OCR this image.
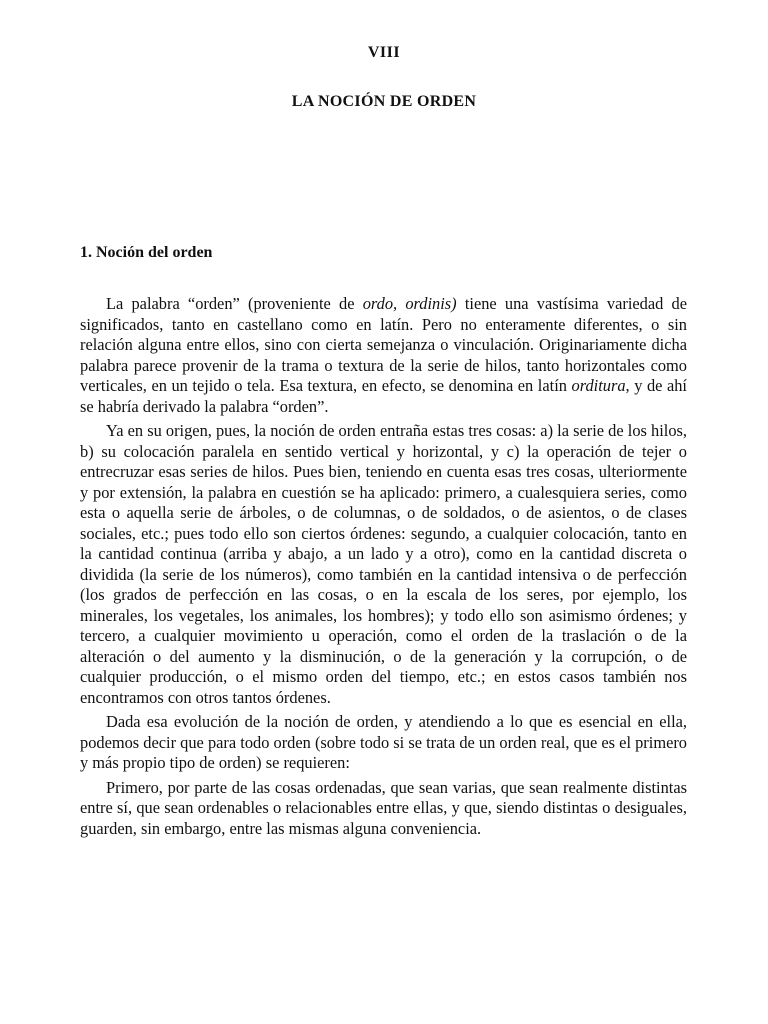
VIII
LA NOCIÓN DE ORDEN
1. Noción del orden

La palabra “orden” (proveniente de ordo, ordinis) tiene una vastísima variedad de significados, tanto en castellano como en latín. Pero no enteramente diferentes, o sin relación alguna entre ellos, sino con cierta semejanza o vinculación. Originariamente dicha palabra parece provenir de la trama o textura de la serie de hilos, tanto horizontales como verticales, en un tejido o tela. Esa textura, en efecto, se denomina en latín orditura, y de ahí se habría derivado la palabra “orden”.

Ya en su origen, pues, la noción de orden entraña estas tres cosas: a) la serie de los hilos, b) su colocación paralela en sentido vertical y horizontal, y c) la operación de tejer o entrecruzar esas series de hilos. Pues bien, teniendo en cuenta esas tres cosas, ulteriormente y por extensión, la palabra en cuestión se ha aplicado: primero, a cualesquiera series, como esta o aquella serie de árboles, o de columnas, o de soldados, o de asientos, o de clases sociales, etc.; pues todo ello son ciertos órdenes: segundo, a cualquier colocación, tanto en la cantidad continua (arriba y abajo, a un lado y a otro), como en la cantidad discreta o dividida (la serie de los números), como también en la cantidad intensiva o de perfección (los grados de perfección en las cosas, o en la escala de los seres, por ejemplo, los minerales, los vegetales, los animales, los hombres); y todo ello son asimismo órdenes; y tercero, a cualquier movimiento u operación, como el orden de la traslación o de la alteración o del aumento y la disminución, o de la generación y la corrupción, o de cualquier producción, o el mismo orden del tiempo, etc.; en estos casos también nos encontramos con otros tantos órdenes.

Dada esa evolución de la noción de orden, y atendiendo a lo que es esencial en ella, podemos decir que para todo orden (sobre todo si se trata de un orden real, que es el primero y más propio tipo de orden) se requieren:

Primero, por parte de las cosas ordenadas, que sean varias, que sean realmente distintas entre sí, que sean ordenables o relacionables entre ellas, y que, siendo distintas o desiguales, guarden, sin embargo, entre las mismas alguna conveniencia.
